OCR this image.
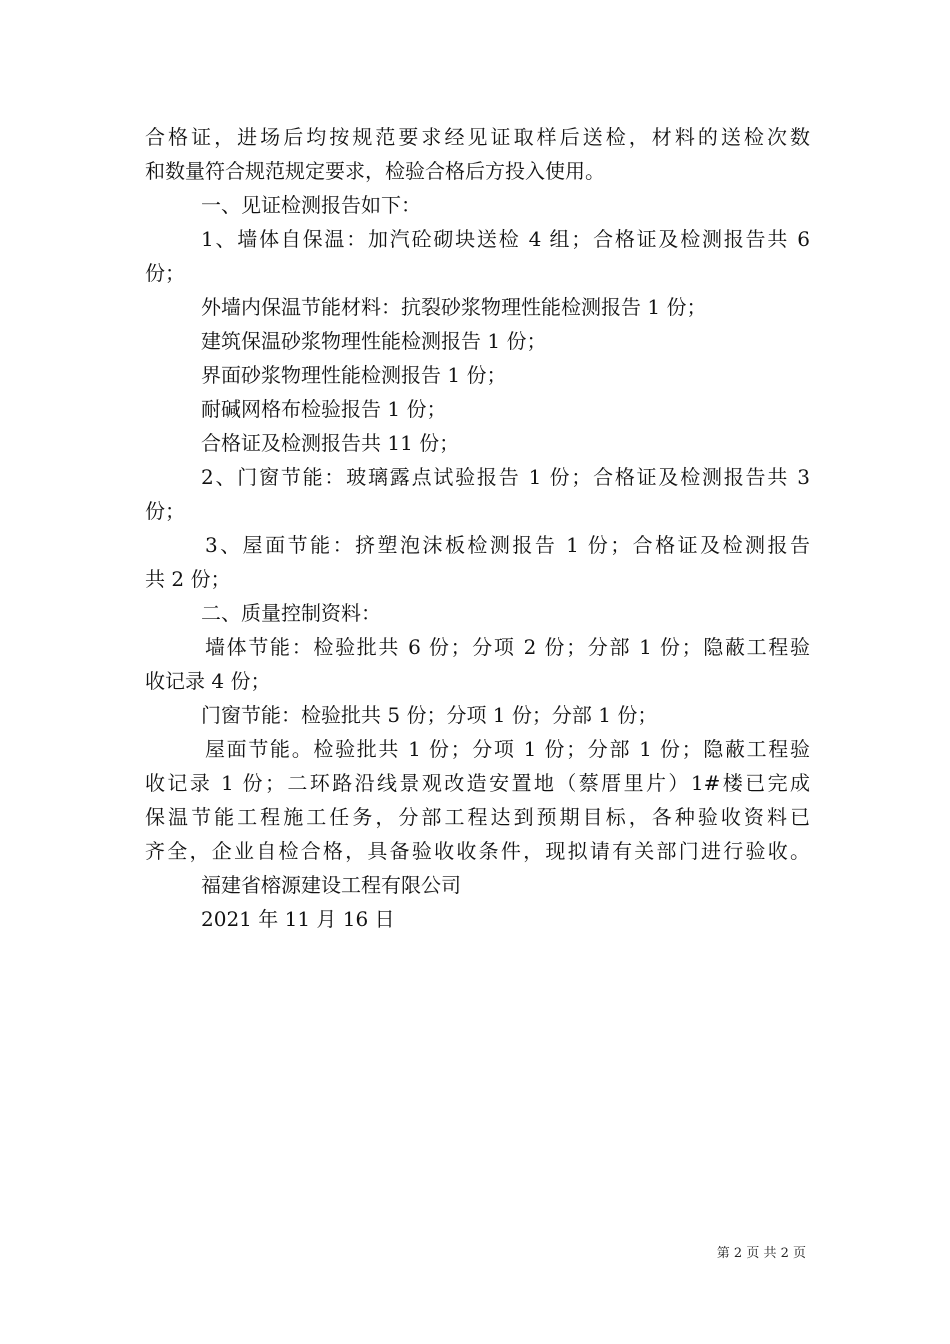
合格证，进场后均按规范要求经见证取样后送检，材料的送检次数
和数量符合规范规定要求，检验合格后方投入使用。
一、见证检测报告如下：
1、墙体自保温：加汽砼砌块送检 4 组；合格证及检测报告共 6
份；
外墙内保温节能材料：抗裂砂浆物理性能检测报告 1 份；
建筑保温砂浆物理性能检测报告 1 份；
界面砂浆物理性能检测报告 1 份；
耐碱网格布检验报告 1 份；
合格证及检测报告共 11 份；
2、门窗节能：玻璃露点试验报告 1 份；合格证及检测报告共 3
份；
3、屋面节能：挤塑泡沫板检测报告 1 份；合格证及检测报告
共 2 份；
二、质量控制资料：
墙体节能：检验批共 6 份；分项 2 份；分部 1 份；隐蔽工程验
收记录 4 份；
门窗节能：检验批共 5 份；分项 1 份；分部 1 份；
屋面节能。检验批共 1 份；分项 1 份；分部 1 份；隐蔽工程验
收记录 1 份；二环路沿线景观改造安置地（蔡厝里片）1#楼已完成
保温节能工程施工任务，分部工程达到预期目标，各种验收资料已
齐全，企业自检合格，具备验收收条件，现拟请有关部门进行验收。
福建省榕源建设工程有限公司
2021 年 11 月 16 日
第 2 页 共 2 页
